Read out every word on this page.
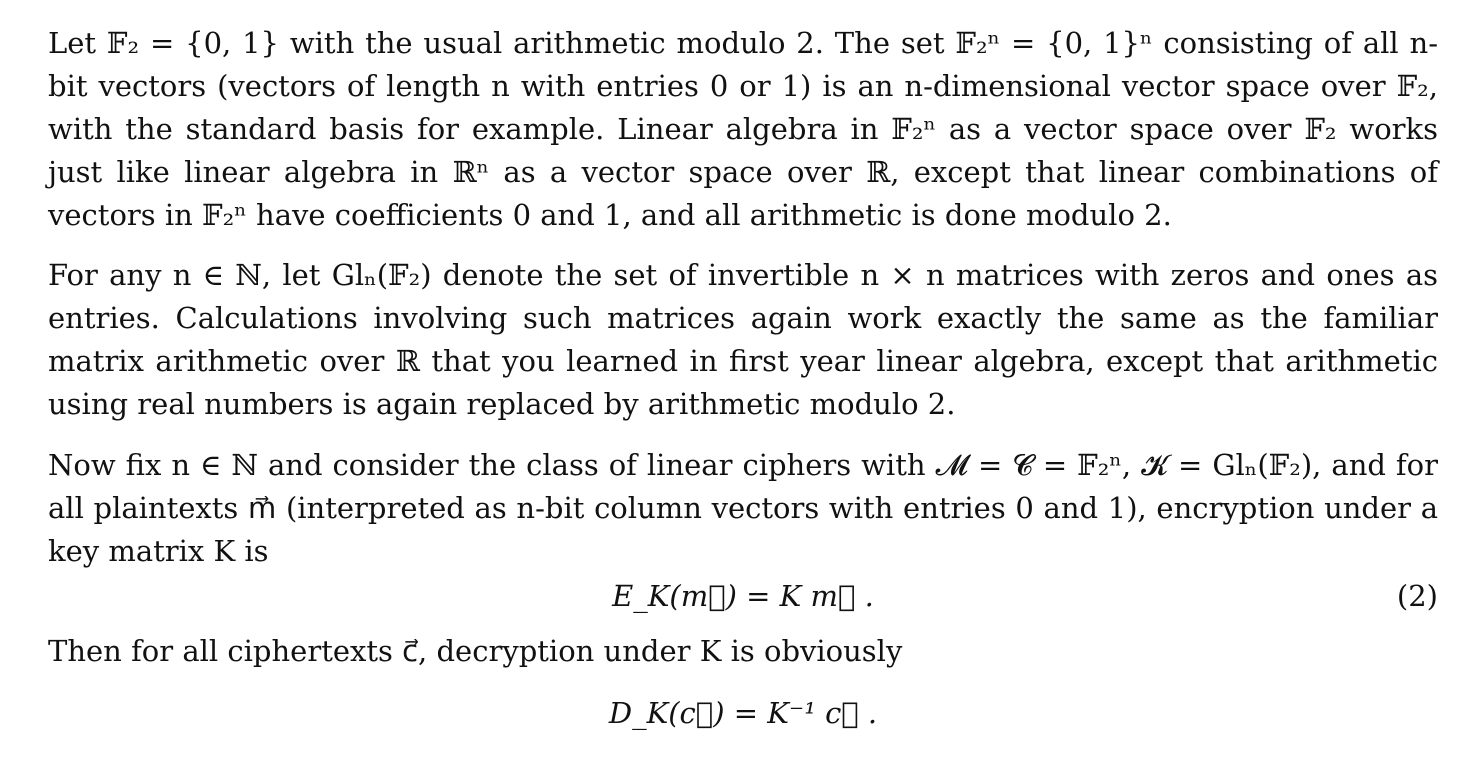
Let 𝔽₂ = {0, 1} with the usual arithmetic modulo 2. The set 𝔽₂ⁿ = {0, 1}ⁿ consisting of all n-bit vectors (vectors of length n with entries 0 or 1) is an n-dimensional vector space over 𝔽₂, with the standard basis for example. Linear algebra in 𝔽₂ⁿ as a vector space over 𝔽₂ works just like linear algebra in ℝⁿ as a vector space over ℝ, except that linear combinations of vectors in 𝔽₂ⁿ have coefficients 0 and 1, and all arithmetic is done modulo 2.

For any n ∈ ℕ, let Glₙ(𝔽₂) denote the set of invertible n × n matrices with zeros and ones as entries. Calculations involving such matrices again work exactly the same as the familiar matrix arithmetic over ℝ that you learned in first year linear algebra, except that arithmetic using real numbers is again replaced by arithmetic modulo 2.

Now fix n ∈ ℕ and consider the class of linear ciphers with 𝓜 = 𝓒 = 𝔽₂ⁿ, 𝓚 = Glₙ(𝔽₂), and for all plaintexts m⃗ (interpreted as n-bit column vectors with entries 0 and 1), encryption under a key matrix K is

E_K(m⃗) = K m⃗ .	(2)

Then for all ciphertexts c⃗, decryption under K is obviously

D_K(c⃗) = K⁻¹ c⃗ .
